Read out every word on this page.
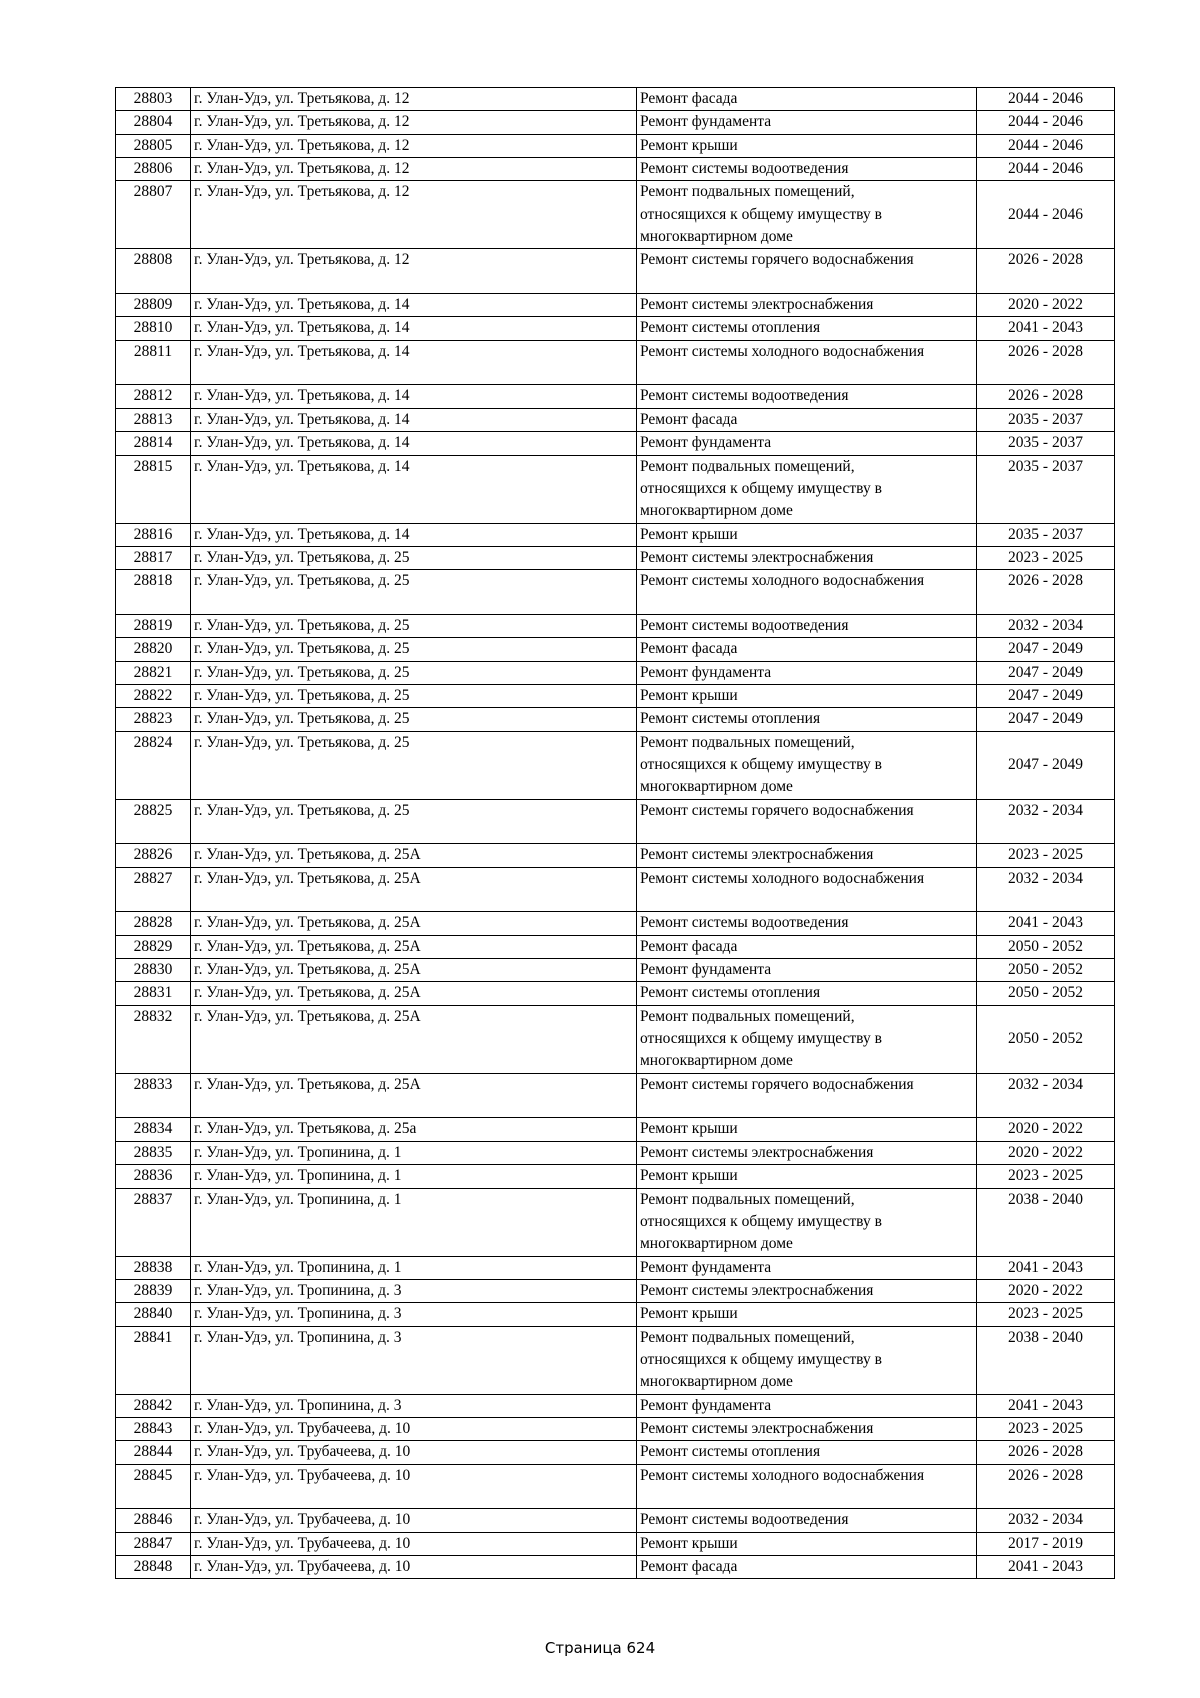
28803	г. Улан-Удэ, ул. Третьякова, д. 12	Ремонт фасада	2044 - 2046
28804	г. Улан-Удэ, ул. Третьякова, д. 12	Ремонт фундамента	2044 - 2046
28805	г. Улан-Удэ, ул. Третьякова, д. 12	Ремонт крыши	2044 - 2046
28806	г. Улан-Удэ, ул. Третьякова, д. 12	Ремонт системы водоотведения	2044 - 2046
28807	г. Улан-Удэ, ул. Третьякова, д. 12	Ремонт подвальных помещений,
относящихся к общему имуществу в
многоквартирном доме	2044 - 2046
28808	г. Улан-Удэ, ул. Третьякова, д. 12	Ремонт системы горячего водоснабжения	2026 - 2028
28809	г. Улан-Удэ, ул. Третьякова, д. 14	Ремонт системы электроснабжения	2020 - 2022
28810	г. Улан-Удэ, ул. Третьякова, д. 14	Ремонт системы отопления	2041 - 2043
28811	г. Улан-Удэ, ул. Третьякова, д. 14	Ремонт системы холодного водоснабжения	2026 - 2028
28812	г. Улан-Удэ, ул. Третьякова, д. 14	Ремонт системы водоотведения	2026 - 2028
28813	г. Улан-Удэ, ул. Третьякова, д. 14	Ремонт фасада	2035 - 2037
28814	г. Улан-Удэ, ул. Третьякова, д. 14	Ремонт фундамента	2035 - 2037
28815	г. Улан-Удэ, ул. Третьякова, д. 14	Ремонт подвальных помещений,
относящихся к общему имуществу в
многоквартирном доме	2035 - 2037
28816	г. Улан-Удэ, ул. Третьякова, д. 14	Ремонт крыши	2035 - 2037
28817	г. Улан-Удэ, ул. Третьякова, д. 25	Ремонт системы электроснабжения	2023 - 2025
28818	г. Улан-Удэ, ул. Третьякова, д. 25	Ремонт системы холодного водоснабжения	2026 - 2028
28819	г. Улан-Удэ, ул. Третьякова, д. 25	Ремонт системы водоотведения	2032 - 2034
28820	г. Улан-Удэ, ул. Третьякова, д. 25	Ремонт фасада	2047 - 2049
28821	г. Улан-Удэ, ул. Третьякова, д. 25	Ремонт фундамента	2047 - 2049
28822	г. Улан-Удэ, ул. Третьякова, д. 25	Ремонт крыши	2047 - 2049
28823	г. Улан-Удэ, ул. Третьякова, д. 25	Ремонт системы отопления	2047 - 2049
28824	г. Улан-Удэ, ул. Третьякова, д. 25	Ремонт подвальных помещений,
относящихся к общему имуществу в
многоквартирном доме	2047 - 2049
28825	г. Улан-Удэ, ул. Третьякова, д. 25	Ремонт системы горячего водоснабжения	2032 - 2034
28826	г. Улан-Удэ, ул. Третьякова, д. 25А	Ремонт системы электроснабжения	2023 - 2025
28827	г. Улан-Удэ, ул. Третьякова, д. 25А	Ремонт системы холодного водоснабжения	2032 - 2034
28828	г. Улан-Удэ, ул. Третьякова, д. 25А	Ремонт системы водоотведения	2041 - 2043
28829	г. Улан-Удэ, ул. Третьякова, д. 25А	Ремонт фасада	2050 - 2052
28830	г. Улан-Удэ, ул. Третьякова, д. 25А	Ремонт фундамента	2050 - 2052
28831	г. Улан-Удэ, ул. Третьякова, д. 25А	Ремонт системы отопления	2050 - 2052
28832	г. Улан-Удэ, ул. Третьякова, д. 25А	Ремонт подвальных помещений,
относящихся к общему имуществу в
многоквартирном доме	2050 - 2052
28833	г. Улан-Удэ, ул. Третьякова, д. 25А	Ремонт системы горячего водоснабжения	2032 - 2034
28834	г. Улан-Удэ, ул. Третьякова, д. 25а	Ремонт крыши	2020 - 2022
28835	г. Улан-Удэ, ул. Тропинина, д. 1	Ремонт системы электроснабжения	2020 - 2022
28836	г. Улан-Удэ, ул. Тропинина, д. 1	Ремонт крыши	2023 - 2025
28837	г. Улан-Удэ, ул. Тропинина, д. 1	Ремонт подвальных помещений,
относящихся к общему имуществу в
многоквартирном доме	2038 - 2040
28838	г. Улан-Удэ, ул. Тропинина, д. 1	Ремонт фундамента	2041 - 2043
28839	г. Улан-Удэ, ул. Тропинина, д. 3	Ремонт системы электроснабжения	2020 - 2022
28840	г. Улан-Удэ, ул. Тропинина, д. 3	Ремонт крыши	2023 - 2025
28841	г. Улан-Удэ, ул. Тропинина, д. 3	Ремонт подвальных помещений,
относящихся к общему имуществу в
многоквартирном доме	2038 - 2040
28842	г. Улан-Удэ, ул. Тропинина, д. 3	Ремонт фундамента	2041 - 2043
28843	г. Улан-Удэ, ул. Трубачеева, д. 10	Ремонт системы электроснабжения	2023 - 2025
28844	г. Улан-Удэ, ул. Трубачеева, д. 10	Ремонт системы отопления	2026 - 2028
28845	г. Улан-Удэ, ул. Трубачеева, д. 10	Ремонт системы холодного водоснабжения	2026 - 2028
28846	г. Улан-Удэ, ул. Трубачеева, д. 10	Ремонт системы водоотведения	2032 - 2034
28847	г. Улан-Удэ, ул. Трубачеева, д. 10	Ремонт крыши	2017 - 2019
28848	г. Улан-Удэ, ул. Трубачеева, д. 10	Ремонт фасада	2041 - 2043
Страница 624
